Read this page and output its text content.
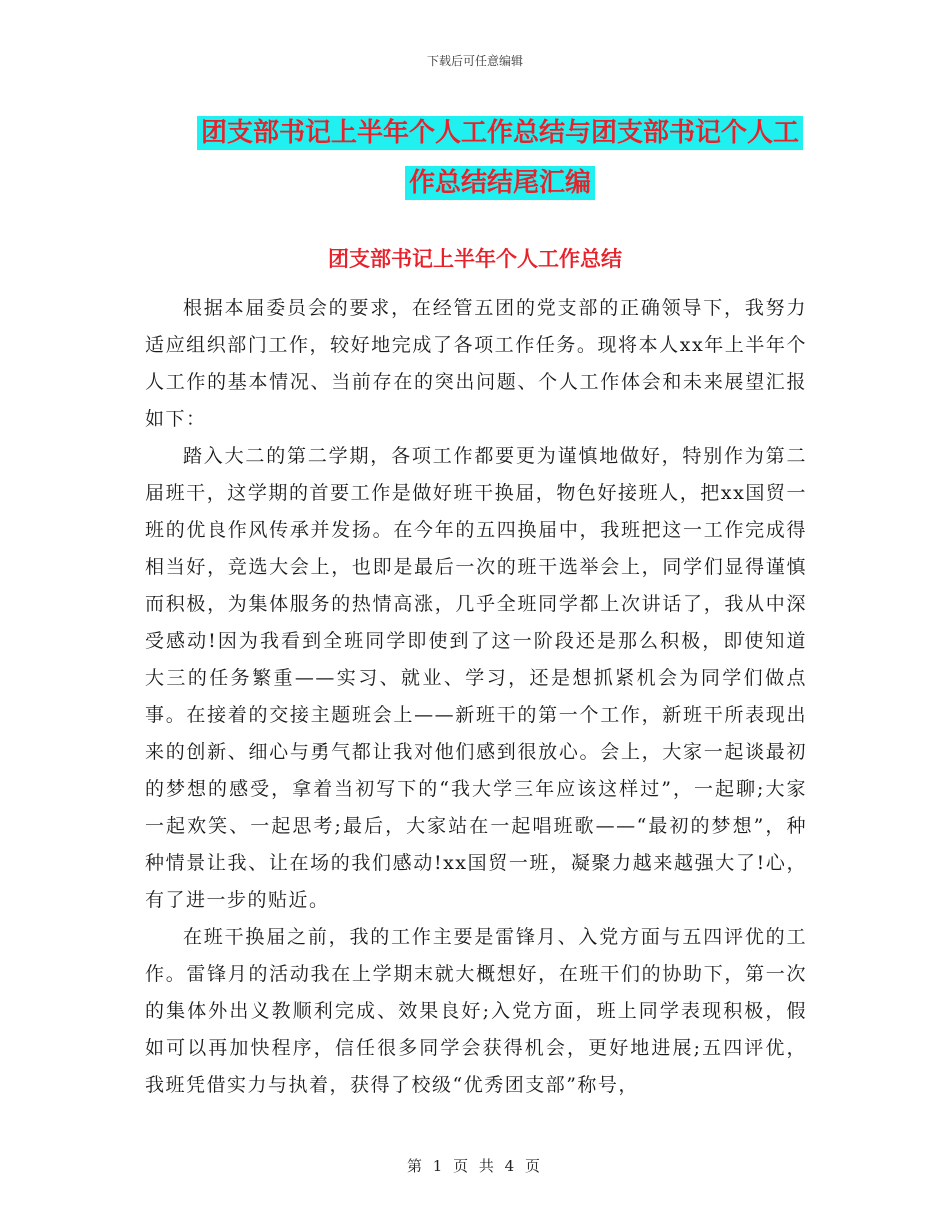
下载后可任意编辑
团支部书记上半年个人工作总结与团支部书记个人工
作总结结尾汇编
团支部书记上半年个人工作总结

根据本届委员会的要求，在经管五团的党支部的正确领导下，我努力适应组织部门工作，较好地完成了各项工作任务。现将本人xx年上半年个人工作的基本情况、当前存在的突出问题、个人工作体会和未来展望汇报如下：

踏入大二的第二学期，各项工作都要更为谨慎地做好，特别作为第二届班干，这学期的首要工作是做好班干换届，物色好接班人，把xx国贸一班的优良作风传承并发扬。在今年的五四换届中，我班把这一工作完成得相当好，竞选大会上，也即是最后一次的班干选举会上，同学们显得谨慎而积极，为集体服务的热情高涨，几乎全班同学都上次讲话了，我从中深受感动!因为我看到全班同学即使到了这一阶段还是那么积极，即使知道大三的任务繁重——实习、就业、学习，还是想抓紧机会为同学们做点事。在接着的交接主题班会上——新班干的第一个工作，新班干所表现出来的创新、细心与勇气都让我对他们感到很放心。会上，大家一起谈最初的梦想的感受，拿着当初写下的“我大学三年应该这样过”，一起聊;大家一起欢笑、一起思考;最后，大家站在一起唱班歌——“最初的梦想”，种种情景让我、让在场的我们感动!xx国贸一班，凝聚力越来越强大了!心，有了进一步的贴近。

在班干换届之前，我的工作主要是雷锋月、入党方面与五四评优的工作。雷锋月的活动我在上学期末就大概想好，在班干们的协助下，第一次的集体外出义教顺利完成、效果良好;入党方面，班上同学表现积极，假如可以再加快程序，信任很多同学会获得机会，更好地进展;五四评优，我班凭借实力与执着，获得了校级“优秀团支部”称号，

第 1 页 共 4 页
